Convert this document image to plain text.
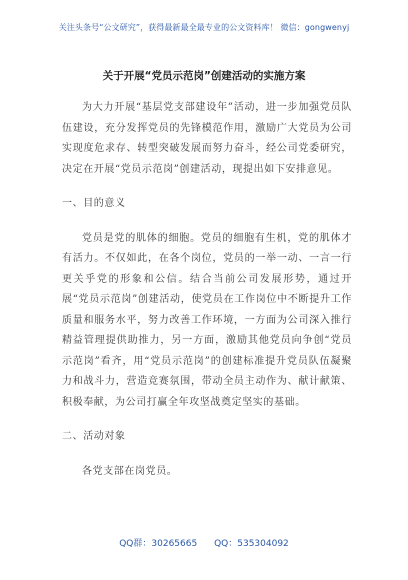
关注头条号“公文研究”，获得最新最全最专业的公文资料库！ 微信：gongwenyj
关于开展“党员示范岗”创建活动的实施方案

为大力开展“基层党支部建设年”活动，进一步加强党员队伍建设，充分发挥党员的先锋模范作用，激励广大党员为公司实现度危求存、转型突破发展而努力奋斗，经公司党委研究，决定在开展“党员示范岗”创建活动，现提出如下安排意见。

一、目的意义

党员是党的肌体的细胞。党员的细胞有生机，党的肌体才有活力。不仅如此，在各个岗位，党员的一举一动、一言一行更关乎党的形象和公信。结合当前公司发展形势，通过开展“党员示范岗”创建活动，使党员在工作岗位中不断提升工作质量和服务水平，努力改善工作环境，一方面为公司深入推行精益管理提供助推力，另一方面，激励其他党员向争创“党员示范岗”看齐，用“党员示范岗”的创建标准提升党员队伍凝聚力和战斗力，营造竞赛氛围，带动全员主动作为、献计献策、积极奉献，为公司打赢全年攻坚战奠定坚实的基础。

二、活动对象

各党支部在岗党员。

QQ群：30265665 QQ：535304092
